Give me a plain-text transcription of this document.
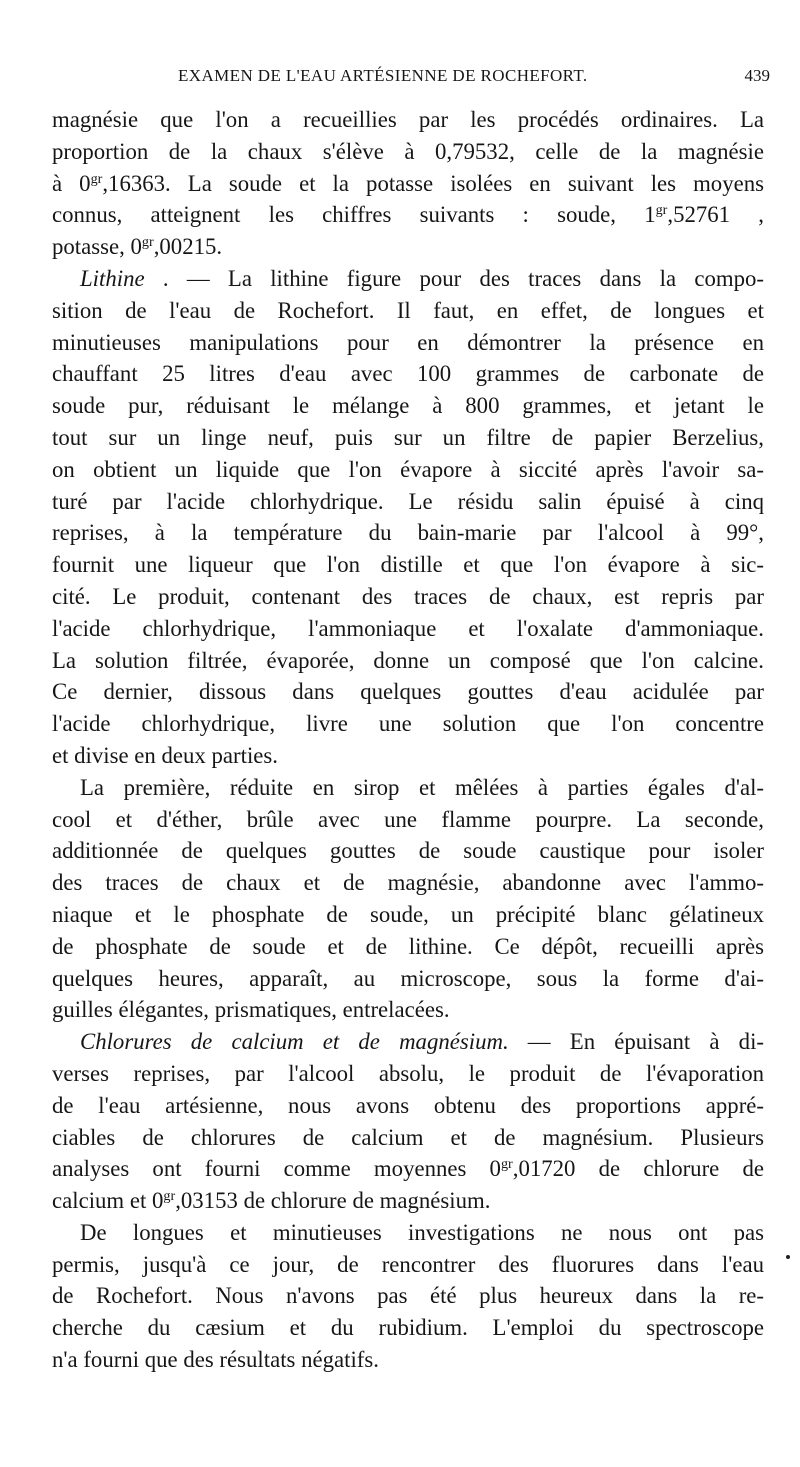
EXAMEN DE L'EAU ARTÉSIENNE DE ROCHEFORT.	439
magnésie que l'on a recueillies par les procédés ordinaires. La
proportion de la chaux s'élève à 0,79532, celle de la magnésie
à $0^{gr},16363$. La soude et la potasse isolées en suivant les moyens
connus, atteignent les chiffres suivants : soude, $1^{gr},52761$ ,
potasse, $0^{gr},00215$.
Lithine . — La lithine figure pour des traces dans la compo-
sition de l'eau de Rochefort. Il faut, en effet, de longues et
minutieuses manipulations pour en démontrer la présence en
chauffant 25 litres d'eau avec 100 grammes de carbonate de
soude pur, réduisant le mélange à 800 grammes, et jetant le
tout sur un linge neuf, puis sur un filtre de papier Berzelius,
on obtient un liquide que l'on évapore à siccité après l'avoir sa-
turé par l'acide chlorhydrique. Le résidu salin épuisé à cinq
reprises, à la température du bain-marie par l'alcool à 99°,
fournit une liqueur que l'on distille et que l'on évapore à sic-
cité. Le produit, contenant des traces de chaux, est repris par
l'acide chlorhydrique, l'ammoniaque et l'oxalate d'ammoniaque.
La solution filtrée, évaporée, donne un composé que l'on calcine.
Ce dernier, dissous dans quelques gouttes d'eau acidulée par
l'acide chlorhydrique, livre une solution que l'on concentre
et divise en deux parties.
La première, réduite en sirop et mêlées à parties égales d'al-
cool et d'éther, brûle avec une flamme pourpre. La seconde,
additionnée de quelques gouttes de soude caustique pour isoler
des traces de chaux et de magnésie, abandonne avec l'ammo-
niaque et le phosphate de soude, un précipité blanc gélatineux
de phosphate de soude et de lithine. Ce dépôt, recueilli après
quelques heures, apparaît, au microscope, sous la forme d'ai-
guilles élégantes, prismatiques, entrelacées.
Chlorures de calcium et de magnésium. — En épuisant à di-
verses reprises, par l'alcool absolu, le produit de l'évaporation
de l'eau artésienne, nous avons obtenu des proportions appré-
ciables de chlorures de calcium et de magnésium. Plusieurs
analyses ont fourni comme moyennes $0^{gr},01720$ de chlorure de
calcium et $0^{gr},03153$ de chlorure de magnésium.
De longues et minutieuses investigations ne nous ont pas
permis, jusqu'à ce jour, de rencontrer des fluorures dans l'eau
de Rochefort. Nous n'avons pas été plus heureux dans la re-
cherche du cæsium et du rubidium. L'emploi du spectroscope
n'a fourni que des résultats négatifs.
